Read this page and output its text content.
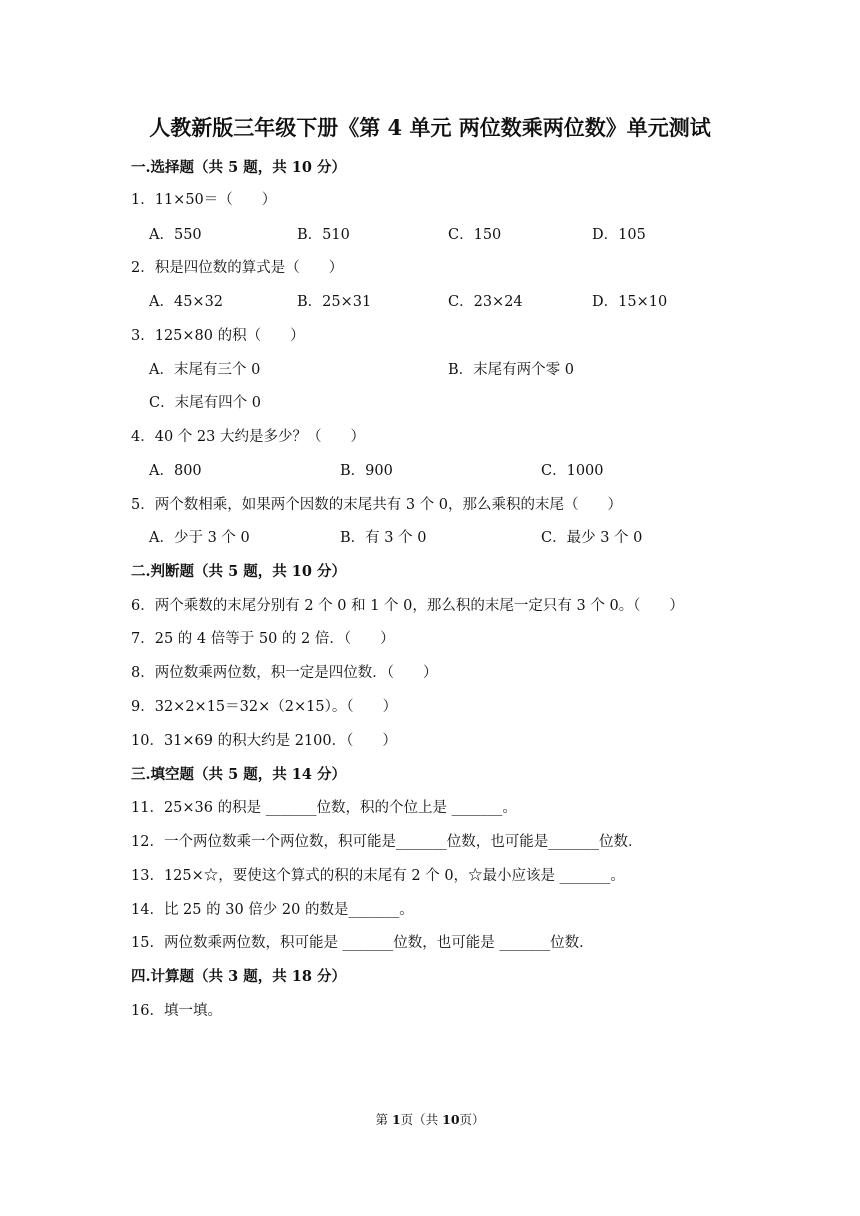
人教新版三年级下册《第 4 单元 两位数乘两位数》单元测试
一.选择题（共 5 题，共 10 分）
1．11×50＝（　　）
A．550	B．510	C．150	D．105
2．积是四位数的算式是（　　）
A．45×32	B．25×31	C．23×24	D．15×10
3．125×80 的积（　　）
A．末尾有三个 0	B．末尾有两个零 0
C．末尾有四个 0
4．40 个 23 大约是多少？（　　）
A．800	B．900	C．1000
5．两个数相乘，如果两个因数的末尾共有 3 个 0，那么乘积的末尾（　　）
A．少于 3 个 0	B．有 3 个 0	C．最少 3 个 0
二.判断题（共 5 题，共 10 分）
6．两个乘数的末尾分别有 2 个 0 和 1 个 0，那么积的末尾一定只有 3 个 0。（　　）
7．25 的 4 倍等于 50 的 2 倍．（　　）
8．两位数乘两位数，积一定是四位数．（　　）
9．32×2×15＝32×（2×15）。（　　）
10．31×69 的积大约是 2100．（　　）
三.填空题（共 5 题，共 14 分）
11．25×36 的积是 _______位数，积的个位上是 _______。
12．一个两位数乘一个两位数，积可能是_______位数，也可能是_______位数．
13．125×☆，要使这个算式的积的末尾有 2 个 0，☆最小应该是 _______。
14．比 25 的 30 倍少 20 的数是_______。
15．两位数乘两位数，积可能是 _______位数，也可能是 _______位数．
四.计算题（共 3 题，共 18 分）
16．填一填。
第 1页（共 10页）
